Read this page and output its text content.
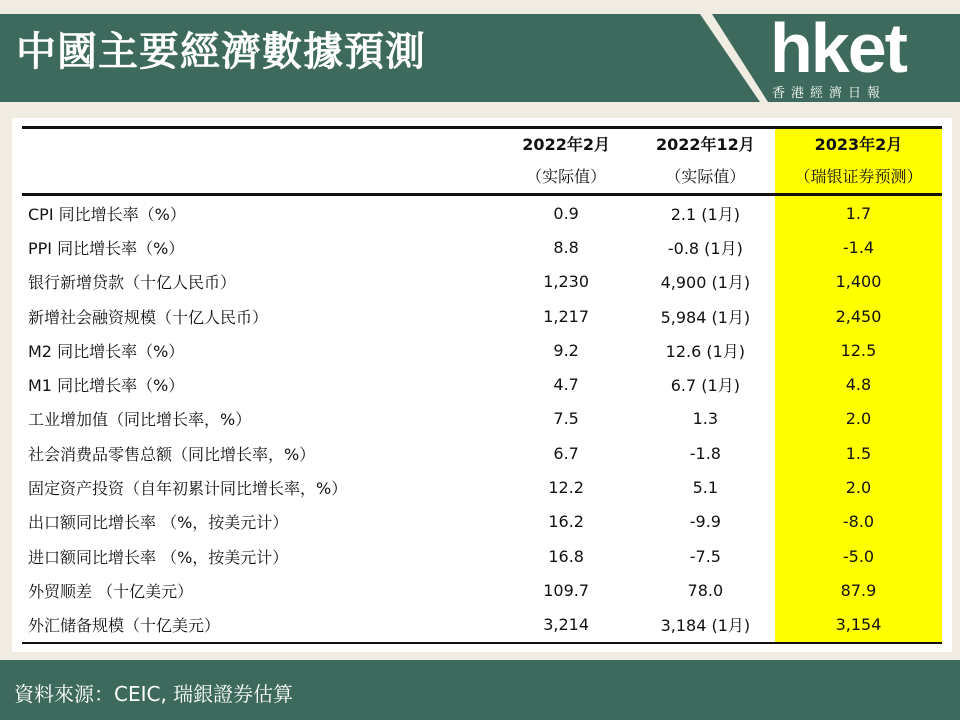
中國主要經濟數據預測	hket
香港經濟日報
	2022年2月	2022年12月	2023年2月
	（实际值）	（实际值）	（瑞银证券预测）
CPI 同比增长率（%）	0.9	2.1 (1月)	1.7
PPI 同比增长率（%）	8.8	-0.8 (1月)	-1.4
银行新增贷款（十亿人民币）	1,230	4,900 (1月)	1,400
新增社会融资规模（十亿人民币）	1,217	5,984 (1月)	2,450
M2 同比增长率（%）	9.2	12.6 (1月)	12.5
M1 同比增长率（%）	4.7	6.7 (1月)	4.8
工业增加值（同比增长率，%）	7.5	1.3	2.0
社会消费品零售总额（同比增长率，%）	6.7	-1.8	1.5
固定资产投资（自年初累计同比增长率，%）	12.2	5.1	2.0
出口额同比增长率 （%，按美元计）	16.2	-9.9	-8.0
进口额同比增长率 （%，按美元计）	16.8	-7.5	-5.0
外贸顺差 （十亿美元）	109.7	78.0	87.9
外汇储备规模（十亿美元）	3,214	3,184 (1月)	3,154
資料來源：CEIC, 瑞銀證券估算
